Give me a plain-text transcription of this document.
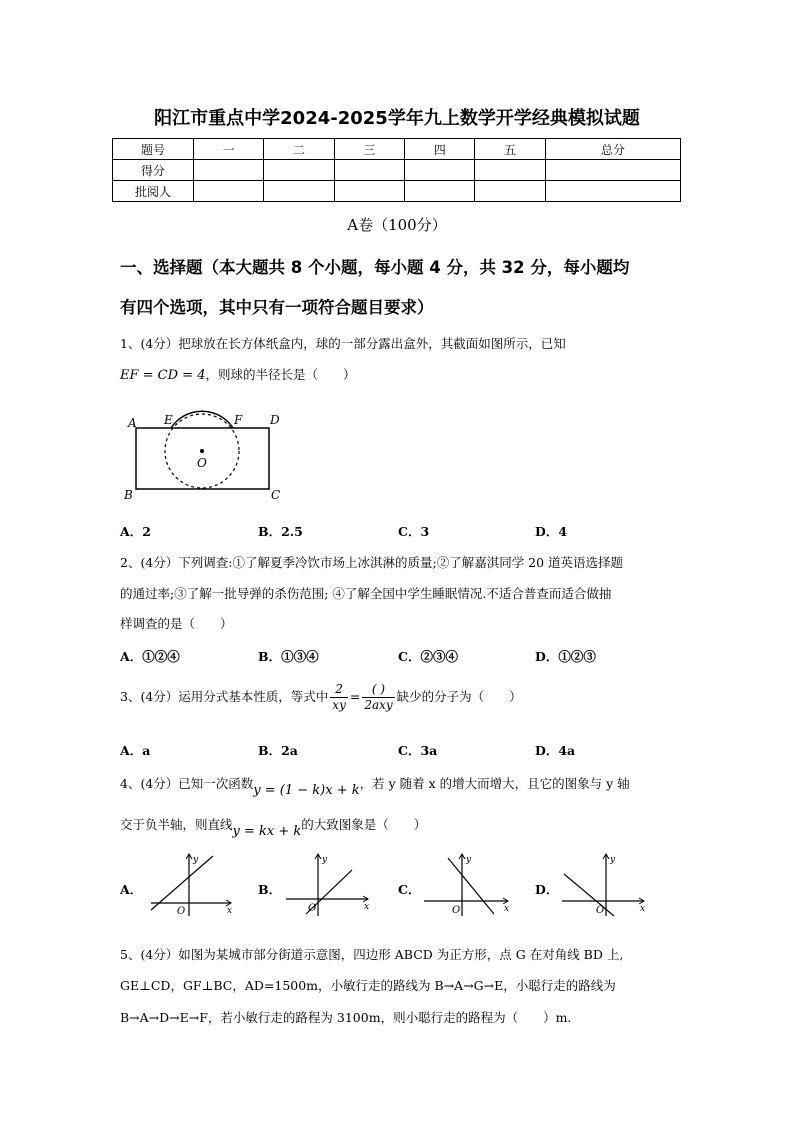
阳江市重点中学2024-2025学年九上数学开学经典模拟试题
题号	一	二	三	四	五	总分
得分						
批阅人						
A卷（100分）
一、选择题（本大题共 8 个小题，每小题 4 分，共 32 分，每小题均
有四个选项，其中只有一项符合题目要求）
1、(4分）把球放在长方体纸盒内，球的一部分露出盒外，其截面如图所示，已知
EF = CD = 4，则球的半径长是（　　）
A E	F D
O
B	C
A．2	B．2.5	C．3	D．4
2、(4分）下列调查:①了解夏季冷饮市场上冰淇淋的质量;②了解嘉淇同学 20 道英语选择题
的通过率;③了解一批导弹的杀伤范围; ④了解全国中学生睡眠情况.不适合普查而适合做抽
样调查的是（　　）
A．①②④	B．①③④	C．②③④	D．①②③
3、(4分）运用分式基本性质，等式中 $\frac{2}{xy} = \frac{( )}{\text{2axy}}$ 缺少的分子为（　　）
A．a	B．2a	C．3a	D．4a
4、(4分）已知一次函数y = (1 − k)x + k，若 y 随着 x 的增大而增大，且它的图象与 y 轴
交于负半轴，则直线y = kx + k的大致图象是（　　）
A．
y
x
O
B．
y
x
O
C．
y
x
O
D．
y
x
O
5、(4分）如图为某城市部分街道示意图，四边形 ABCD 为正方形，点 G 在对角线 BD 上,
GE⊥CD，GF⊥BC，AD=1500m，小敏行走的路线为 B→A→G→E，小聪行走的路线为
B→A→D→E→F，若小敏行走的路程为 3100m，则小聪行走的路程为（　　）m.
